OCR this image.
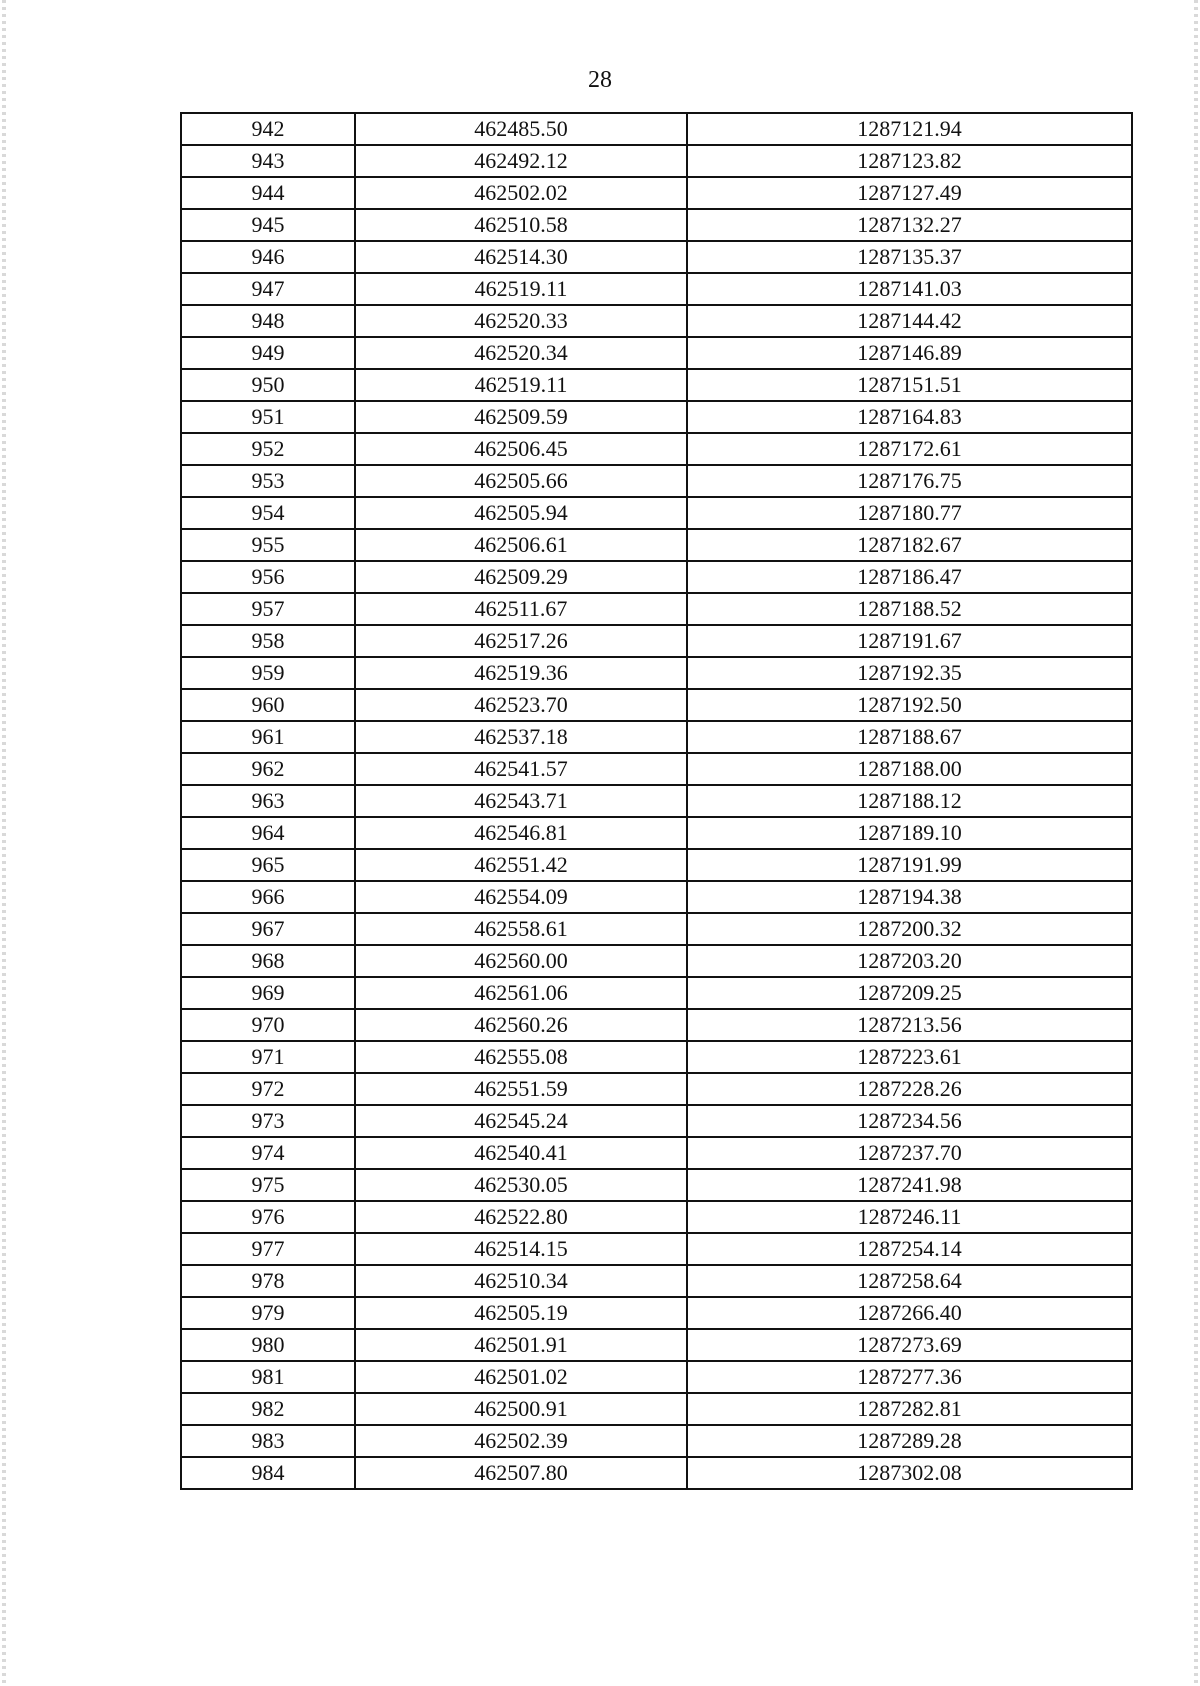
28
942	462485.50	1287121.94
943	462492.12	1287123.82
944	462502.02	1287127.49
945	462510.58	1287132.27
946	462514.30	1287135.37
947	462519.11	1287141.03
948	462520.33	1287144.42
949	462520.34	1287146.89
950	462519.11	1287151.51
951	462509.59	1287164.83
952	462506.45	1287172.61
953	462505.66	1287176.75
954	462505.94	1287180.77
955	462506.61	1287182.67
956	462509.29	1287186.47
957	462511.67	1287188.52
958	462517.26	1287191.67
959	462519.36	1287192.35
960	462523.70	1287192.50
961	462537.18	1287188.67
962	462541.57	1287188.00
963	462543.71	1287188.12
964	462546.81	1287189.10
965	462551.42	1287191.99
966	462554.09	1287194.38
967	462558.61	1287200.32
968	462560.00	1287203.20
969	462561.06	1287209.25
970	462560.26	1287213.56
971	462555.08	1287223.61
972	462551.59	1287228.26
973	462545.24	1287234.56
974	462540.41	1287237.70
975	462530.05	1287241.98
976	462522.80	1287246.11
977	462514.15	1287254.14
978	462510.34	1287258.64
979	462505.19	1287266.40
980	462501.91	1287273.69
981	462501.02	1287277.36
982	462500.91	1287282.81
983	462502.39	1287289.28
984	462507.80	1287302.08
